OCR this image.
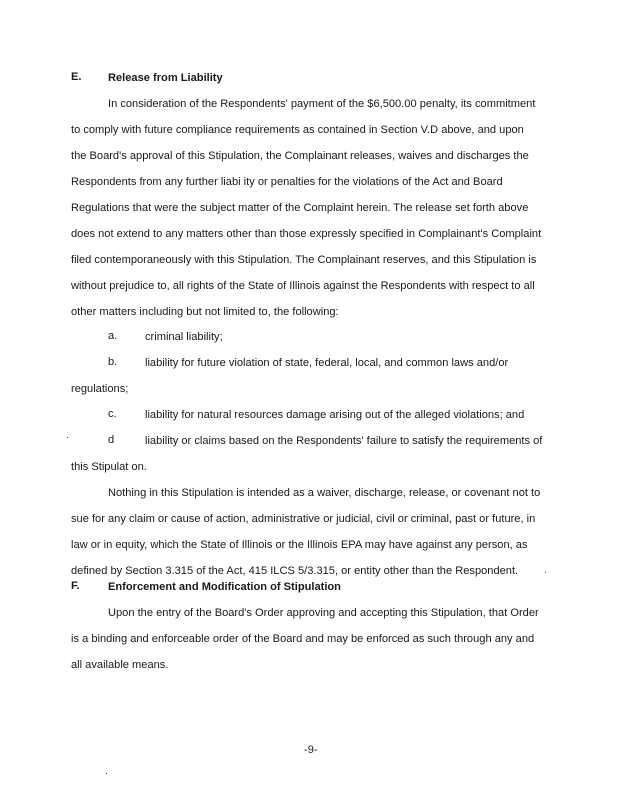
E. Release from Liability
In consideration of the Respondents' payment of the $6,500.00 penalty, its commitment
to comply with future compliance requirements as contained in Section V.D above, and upon
the Board's approval of this Stipulation, the Complainant releases, waives and discharges the
Respondents from any further liabi ity or penalties for the violations of the Act and Board
Regulations that were the subject matter of the Complaint herein. The release set forth above
does not extend to any matters other than those expressly specified in Complainant's Complaint
filed contemporaneously with this Stipulation. The Complainant reserves, and this Stipulation is
without prejudice to, all rights of the State of Illinois against the Respondents with respect to all
other matters including but not limited to, the following:
a. criminal liability;
b. liability for future violation of state, federal, local, and common laws and/or
regulations;
c.	liability for natural resources damage arising out of the alleged violations; and
d	liability or claims based on the Respondents' failure to satisfy the requirements of
this Stipulat on.
Nothing in this Stipulation is intended as a waiver, discharge, release, or covenant not to
sue for any claim or cause of action, administrative or judicial, civil or criminal, past or future, in
law or in equity, which the State of Illinois or the Illinois EPA may have against any person, as
defined by Section 3.315 of the Act, 415 ILCS 5/3.315, or entity other than the Respondent.
F.	Enforcement and Modification of Stipulation
Upon the entry of the Board's Order approving and accepting this Stipulation, that Order
is a binding and enforceable order of the Board and may be enforced as such through any and
all available means.
-9-
